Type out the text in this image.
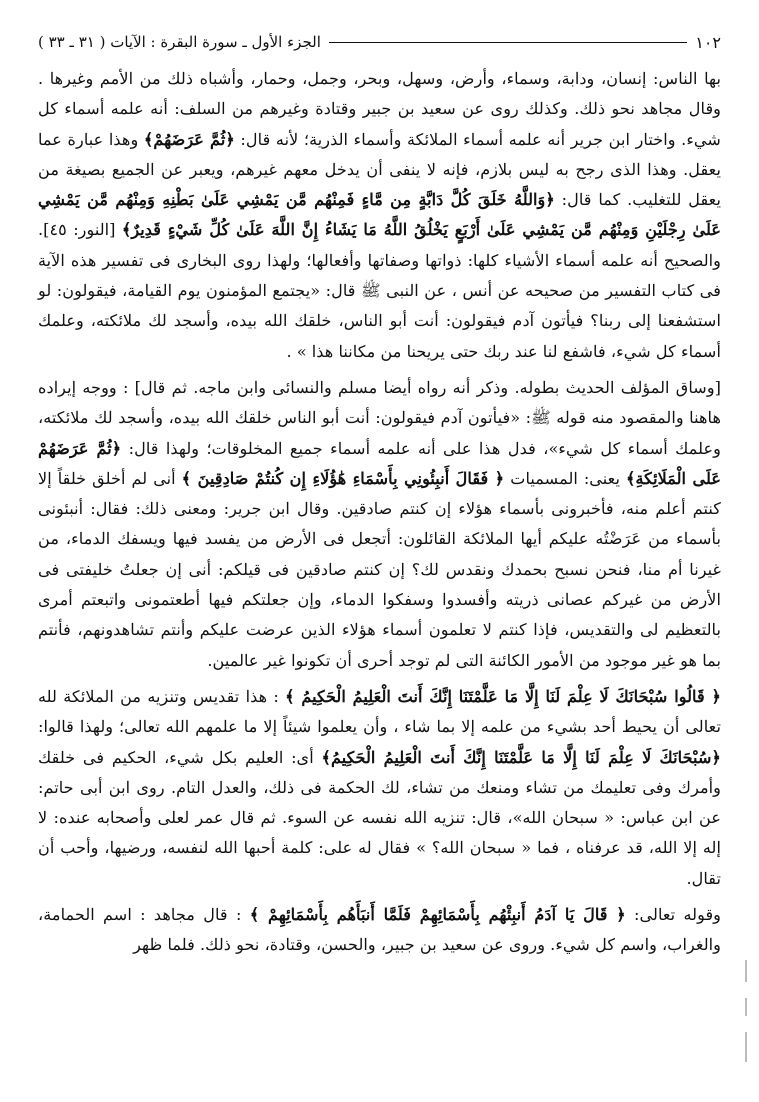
١٠٢
الجزء الأول ـ سورة البقرة : الآيات ( ٣١ ـ ٣٣ )

بها الناس: إنسان، ودابة، وسماء، وأرض، وسهل، وبحر، وجمل، وحمار، وأشباه ذلك من الأمم وغيرها . وقال مجاهد نحو ذلك. وكذلك روى عن سعيد بن جبير وقتادة وغيرهم من السلف: أنه علمه أسماء كل شيء. واختار ابن جرير أنه علمه أسماء الملائكة وأسماء الذرية؛ لأنه قال: ﴿ثُمَّ عَرَضَهُمْ﴾ وهذا عبارة عما يعقل. وهذا الذى رجح به ليس بلازم، فإنه لا ينفى أن يدخل معهم غيرهم، ويعبر عن الجميع بصيغة من يعقل للتغليب. كما قال: ﴿وَاللَّهُ خَلَقَ كُلَّ دَابَّةٍ مِن مَّاءٍ فَمِنْهُم مَّن يَمْشِي عَلَىٰ بَطْنِهِ وَمِنْهُم مَّن يَمْشِي عَلَىٰ رِجْلَيْنِ وَمِنْهُم مَّن يَمْشِي عَلَىٰ أَرْبَعٍ يَخْلُقُ اللَّهُ مَا يَشَاءُ إِنَّ اللَّهَ عَلَىٰ كُلِّ شَيْءٍ قَدِيرٌ﴾ [النور: ٤٥]. والصحيح أنه علمه أسماء الأشياء كلها: ذواتها وصفاتها وأفعالها؛ ولهذا روى البخارى فى تفسير هذه الآية فى كتاب التفسير من صحيحه عن أنس ، عن النبى ﷺ قال: «يجتمع المؤمنون يوم القيامة، فيقولون: لو استشفعنا إلى ربنا؟ فيأتون آدم فيقولون: أنت أبو الناس، خلقك الله بيده، وأسجد لك ملائكته، وعلمك أسماء كل شيء، فاشفع لنا عند ربك حتى يريحنا من مكاننا هذا » .

[وساق المؤلف الحديث بطوله. وذكر أنه رواه أيضا مسلم والنسائى وابن ماجه. ثم قال] : ووجه إيراده هاهنا والمقصود منه قوله ﷺ: «فيأتون آدم فيقولون: أنت أبو الناس خلقك الله بيده، وأسجد لك ملائكته، وعلمك أسماء كل شيء»، فدل هذا على أنه علمه أسماء جميع المخلوقات؛ ولهذا قال: ﴿ثُمَّ عَرَضَهُمْ عَلَى الْمَلَائِكَةِ﴾ يعنى: المسميات ﴿ فَقَالَ أَنبِئُونِي بِأَسْمَاءِ هَٰؤُلَاءِ إِن كُنتُمْ صَادِقِينَ ﴾ أنى لم أخلق خلقاً إلا كنتم أعلم منه، فأخبرونى بأسماء هؤلاء إن كنتم صادقين. وقال ابن جرير: ومعنى ذلك: فقال: أنبئونى بأسماء من عَرَضْتُه عليكم أيها الملائكة القائلون: أتجعل فى الأرض من يفسد فيها ويسفك الدماء، من غيرنا أم منا، فنحن نسبح بحمدك ونقدس لك؟ إن كنتم صادقين فى قيلكم: أنى إن جعلتُ خليفتى فى الأرض من غيركم عصانى ذريته وأفسدوا وسفكوا الدماء، وإن جعلتكم فيها أطعتمونى واتبعتم أمرى بالتعظيم لى والتقديس، فإذا كنتم لا تعلمون أسماء هؤلاء الذين عرضت عليكم وأنتم تشاهدونهم، فأنتم بما هو غير موجود من الأمور الكائنة التى لم توجد أحرى أن تكونوا غير عالمين.

﴿ قَالُوا سُبْحَانَكَ لَا عِلْمَ لَنَا إِلَّا مَا عَلَّمْتَنَا إِنَّكَ أَنتَ الْعَلِيمُ الْحَكِيمُ ﴾ : هذا تقديس وتنزيه من الملائكة لله تعالى أن يحيط أحد بشيء من علمه إلا بما شاء ، وأن يعلموا شيئاً إلا ما علمهم الله تعالى؛ ولهذا قالوا: ﴿سُبْحَانَكَ لَا عِلْمَ لَنَا إِلَّا مَا عَلَّمْتَنَا إِنَّكَ أَنتَ الْعَلِيمُ الْحَكِيمُ﴾ أى: العليم بكل شيء، الحكيم فى خلقك وأمرك وفى تعليمك من تشاء ومنعك من تشاء، لك الحكمة فى ذلك، والعدل التام. روى ابن أبى حاتم: عن ابن عباس: « سبحان الله»، قال: تنزيه الله نفسه عن السوء. ثم قال عمر لعلى وأصحابه عنده: لا إله إلا الله، قد عرفناه ، فما « سبحان الله؟ » فقال له على: كلمة أحبها الله لنفسه، ورضيها، وأحب أن تقال.

وقوله تعالى: ﴿ قَالَ يَا آدَمُ أَنبِئْهُم بِأَسْمَائِهِمْ فَلَمَّا أَنبَأَهُم بِأَسْمَائِهِمْ ﴾ : قال مجاهد : اسم الحمامة، والغراب، واسم كل شيء. وروى عن سعيد بن جبير، والحسن، وقتادة، نحو ذلك. فلما ظهر
